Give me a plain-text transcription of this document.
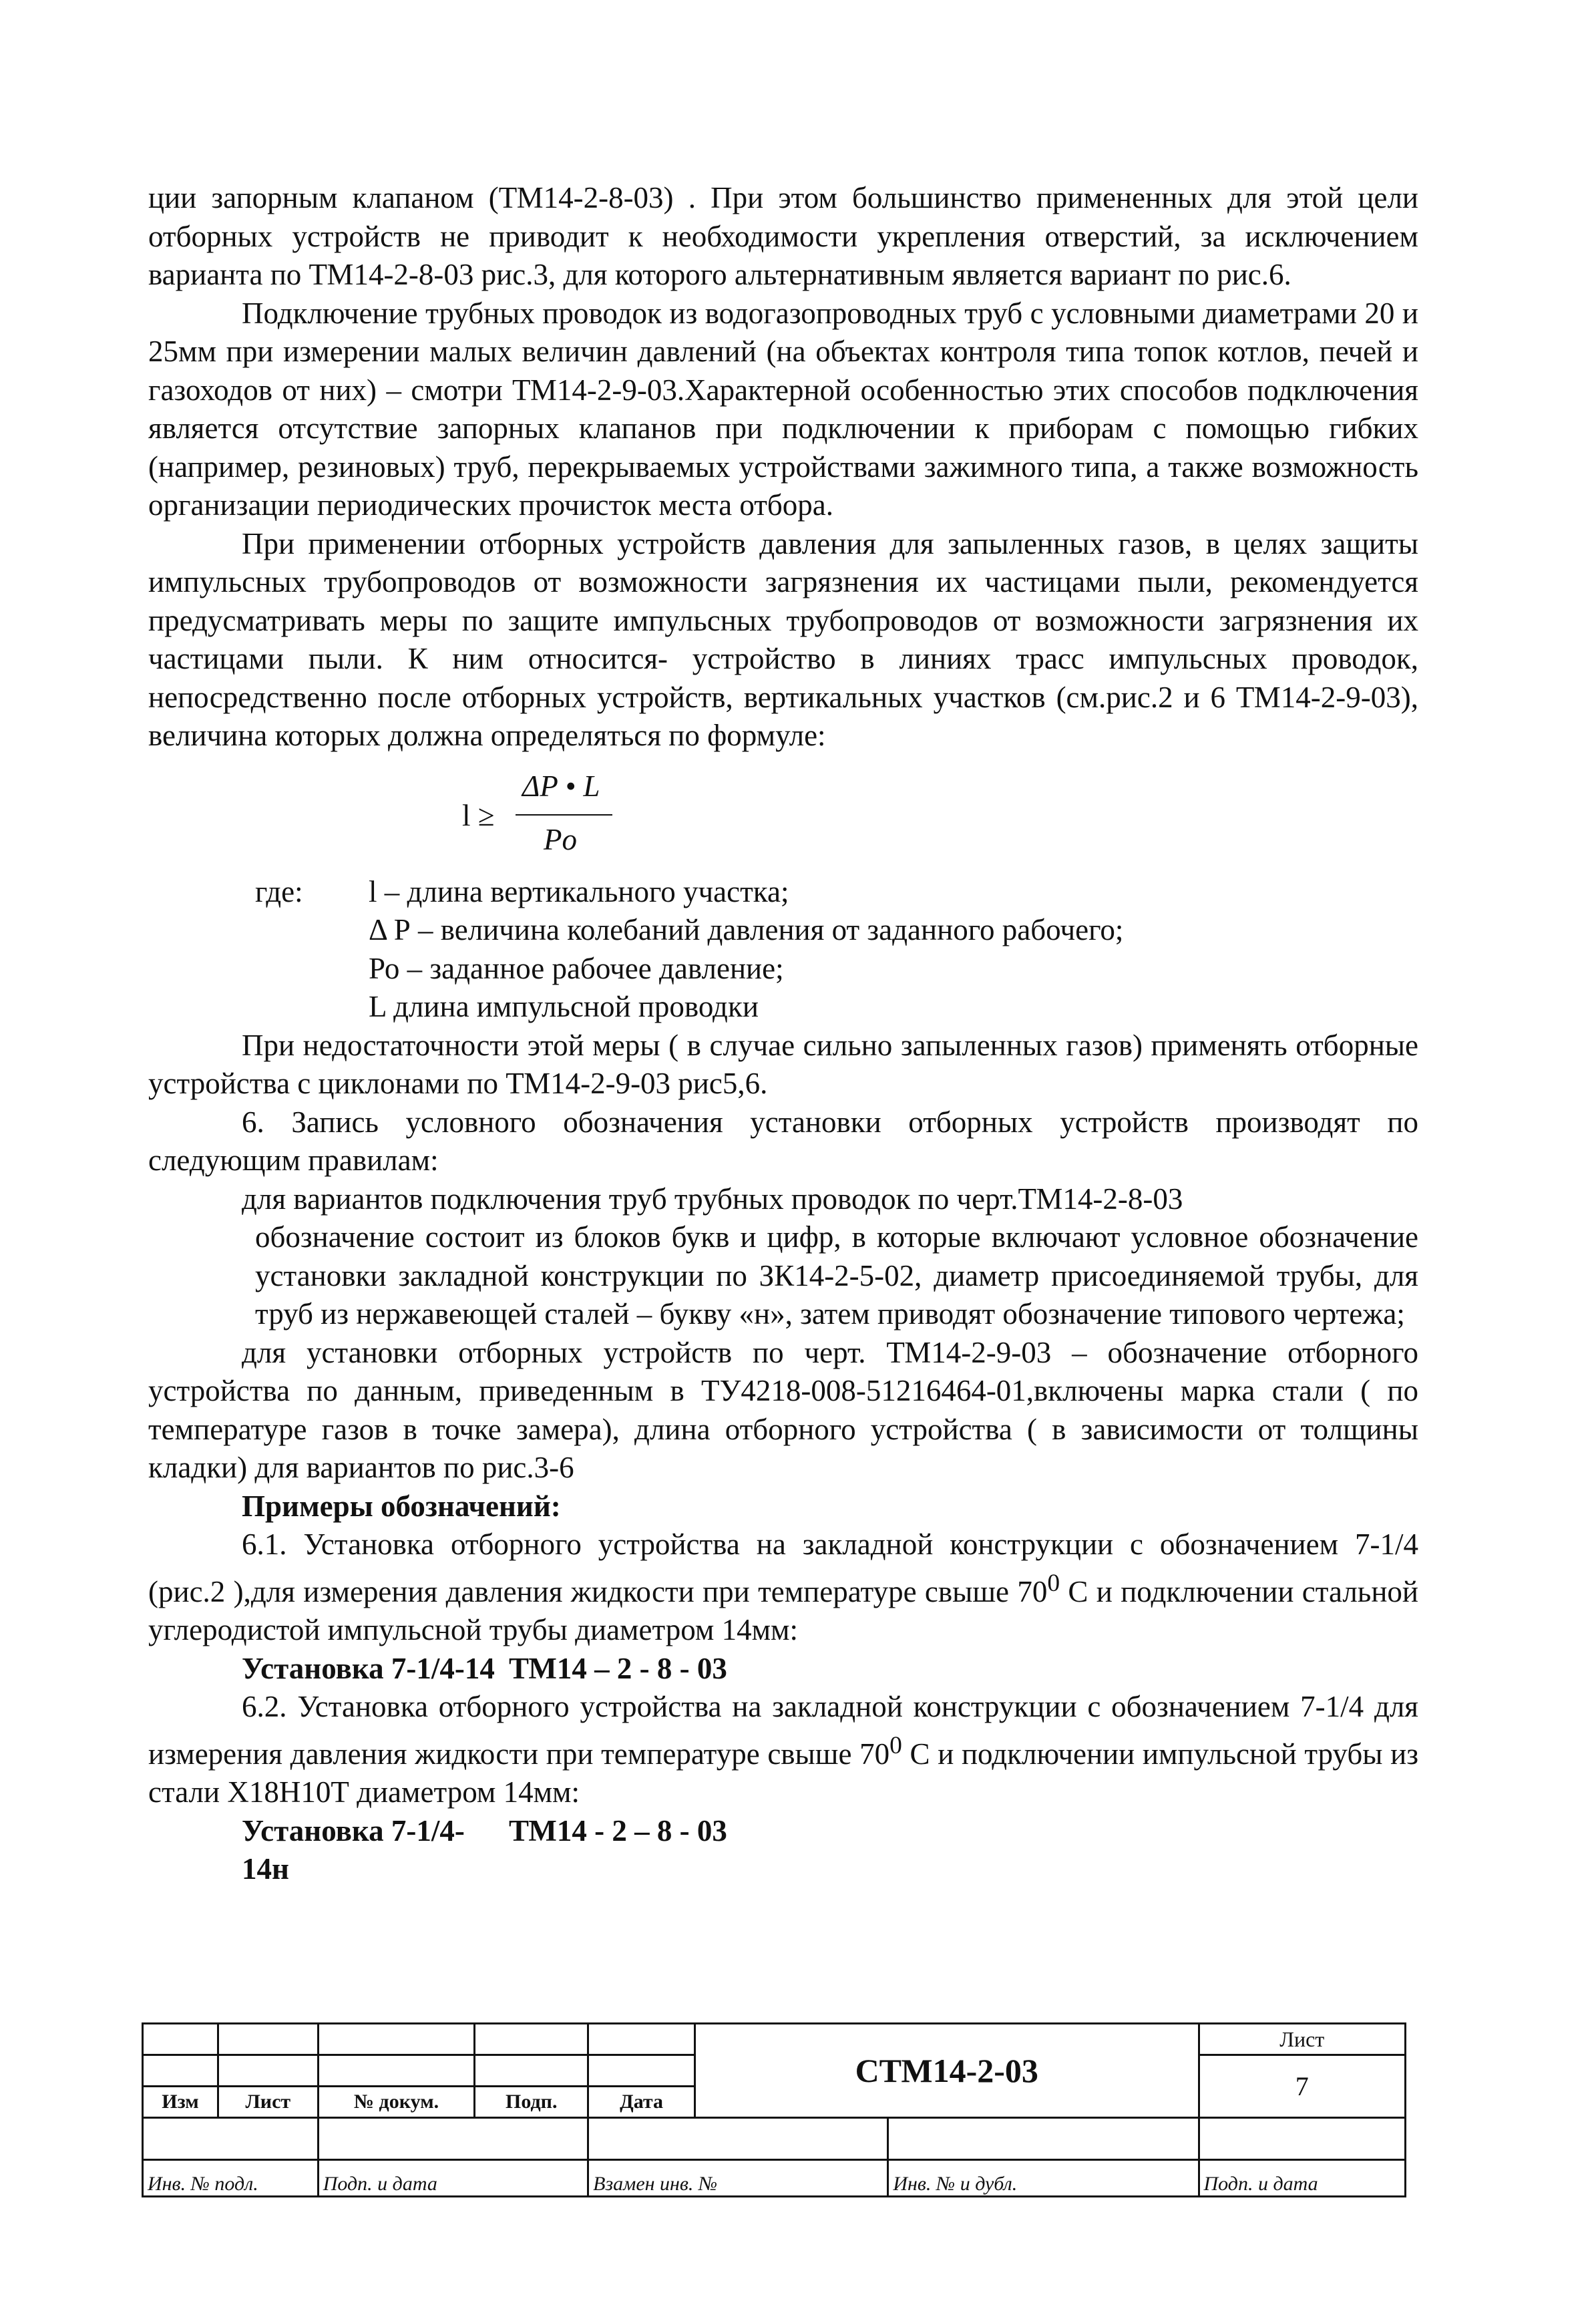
ции запорным клапаном (ТМ14-2-8-03) . При этом большинство примененных для этой цели отборных устройств не приводит к необходимости укрепления отверстий, за исключением варианта по ТМ14-2-8-03 рис.3, для которого альтернативным является вариант по рис.6.

Подключение трубных проводок из водогазопроводных труб с условными диаметрами 20 и 25мм при измерении малых величин давлений (на объектах контроля типа топок котлов, печей и газоходов от них) – смотри ТМ14-2-9-03.Характерной особенностью этих способов подключения является отсутствие запорных клапанов при подключении к приборам с помощью гибких (например, резиновых) труб, перекрываемых устройствами зажимного типа, а также возможность организации периодических прочисток места отбора.

При применении отборных устройств давления для запыленных газов, в целях защиты импульсных трубопроводов от возможности загрязнения их частицами пыли, рекомендуется предусматривать меры по защите импульсных трубопроводов от возможности загрязнения их частицами пыли. К ним относится- устройство в линиях трасс импульсных проводок, непосредственно после отборных устройств, вертикальных участков (см.рис.2 и 6 ТМ14-2-9-03), величина которых должна определяться по формуле:

l ≥
ΔP • L
Po
где:	l – длина вертикального участка;
Δ Р – величина колебаний давления от заданного рабочего;
Ро – заданное рабочее давление;
L длина импульсной проводки

При недостаточности этой меры ( в случае сильно запыленных газов) применять отборные устройства с циклонами по ТМ14-2-9-03 рис5,6.

6. Запись условного обозначения установки отборных устройств производят по следующим правилам:

для вариантов подключения труб трубных проводок по черт.ТМ14-2-8-03

обозначение состоит из блоков букв и цифр, в которые включают условное обозначение установки закладной конструкции по ЗК14-2-5-02, диаметр присоединяемой трубы, для труб из нержавеющей сталей – букву «н», затем приводят обозначение типового чертежа;

для установки отборных устройств по черт. ТМ14-2-9-03 – обозначение отборного устройства по данным, приведенным в ТУ4218-008-51216464-01,включены марка стали ( по температуре газов в точке замера), длина отборного устройства ( в зависимости от толщины кладки) для вариантов по рис.3-6

Примеры обозначений:

6.1. Установка отборного устройства на закладной конструкции с обозначением 7-1/4 (рис.2 ),для измерения давления жидкости при температуре свыше $70^0$ С и подключении стальной углеродистой импульсной трубы диаметром 14мм:

Установка 7-1/4-14 ТМ14 – 2 - 8 - 03

6.2. Установка отборного устройства на закладной конструкции с обозначением 7-1/4 для измерения давления жидкости при температуре свыше $70^0$ С и подключении импульсной трубы из стали Х18Н10Т диаметром 14мм:

Установка 7-1/4-14н
ТМ14 - 2 – 8 - 03
					СТМ14-2-03		Лист
							7
Изм	Лист	№ докум.	Подп.	Дата			

Инв. № подл.		Подп. и дата		Взамен инв. №		Инв. № и дубл.	Подп. и дата
